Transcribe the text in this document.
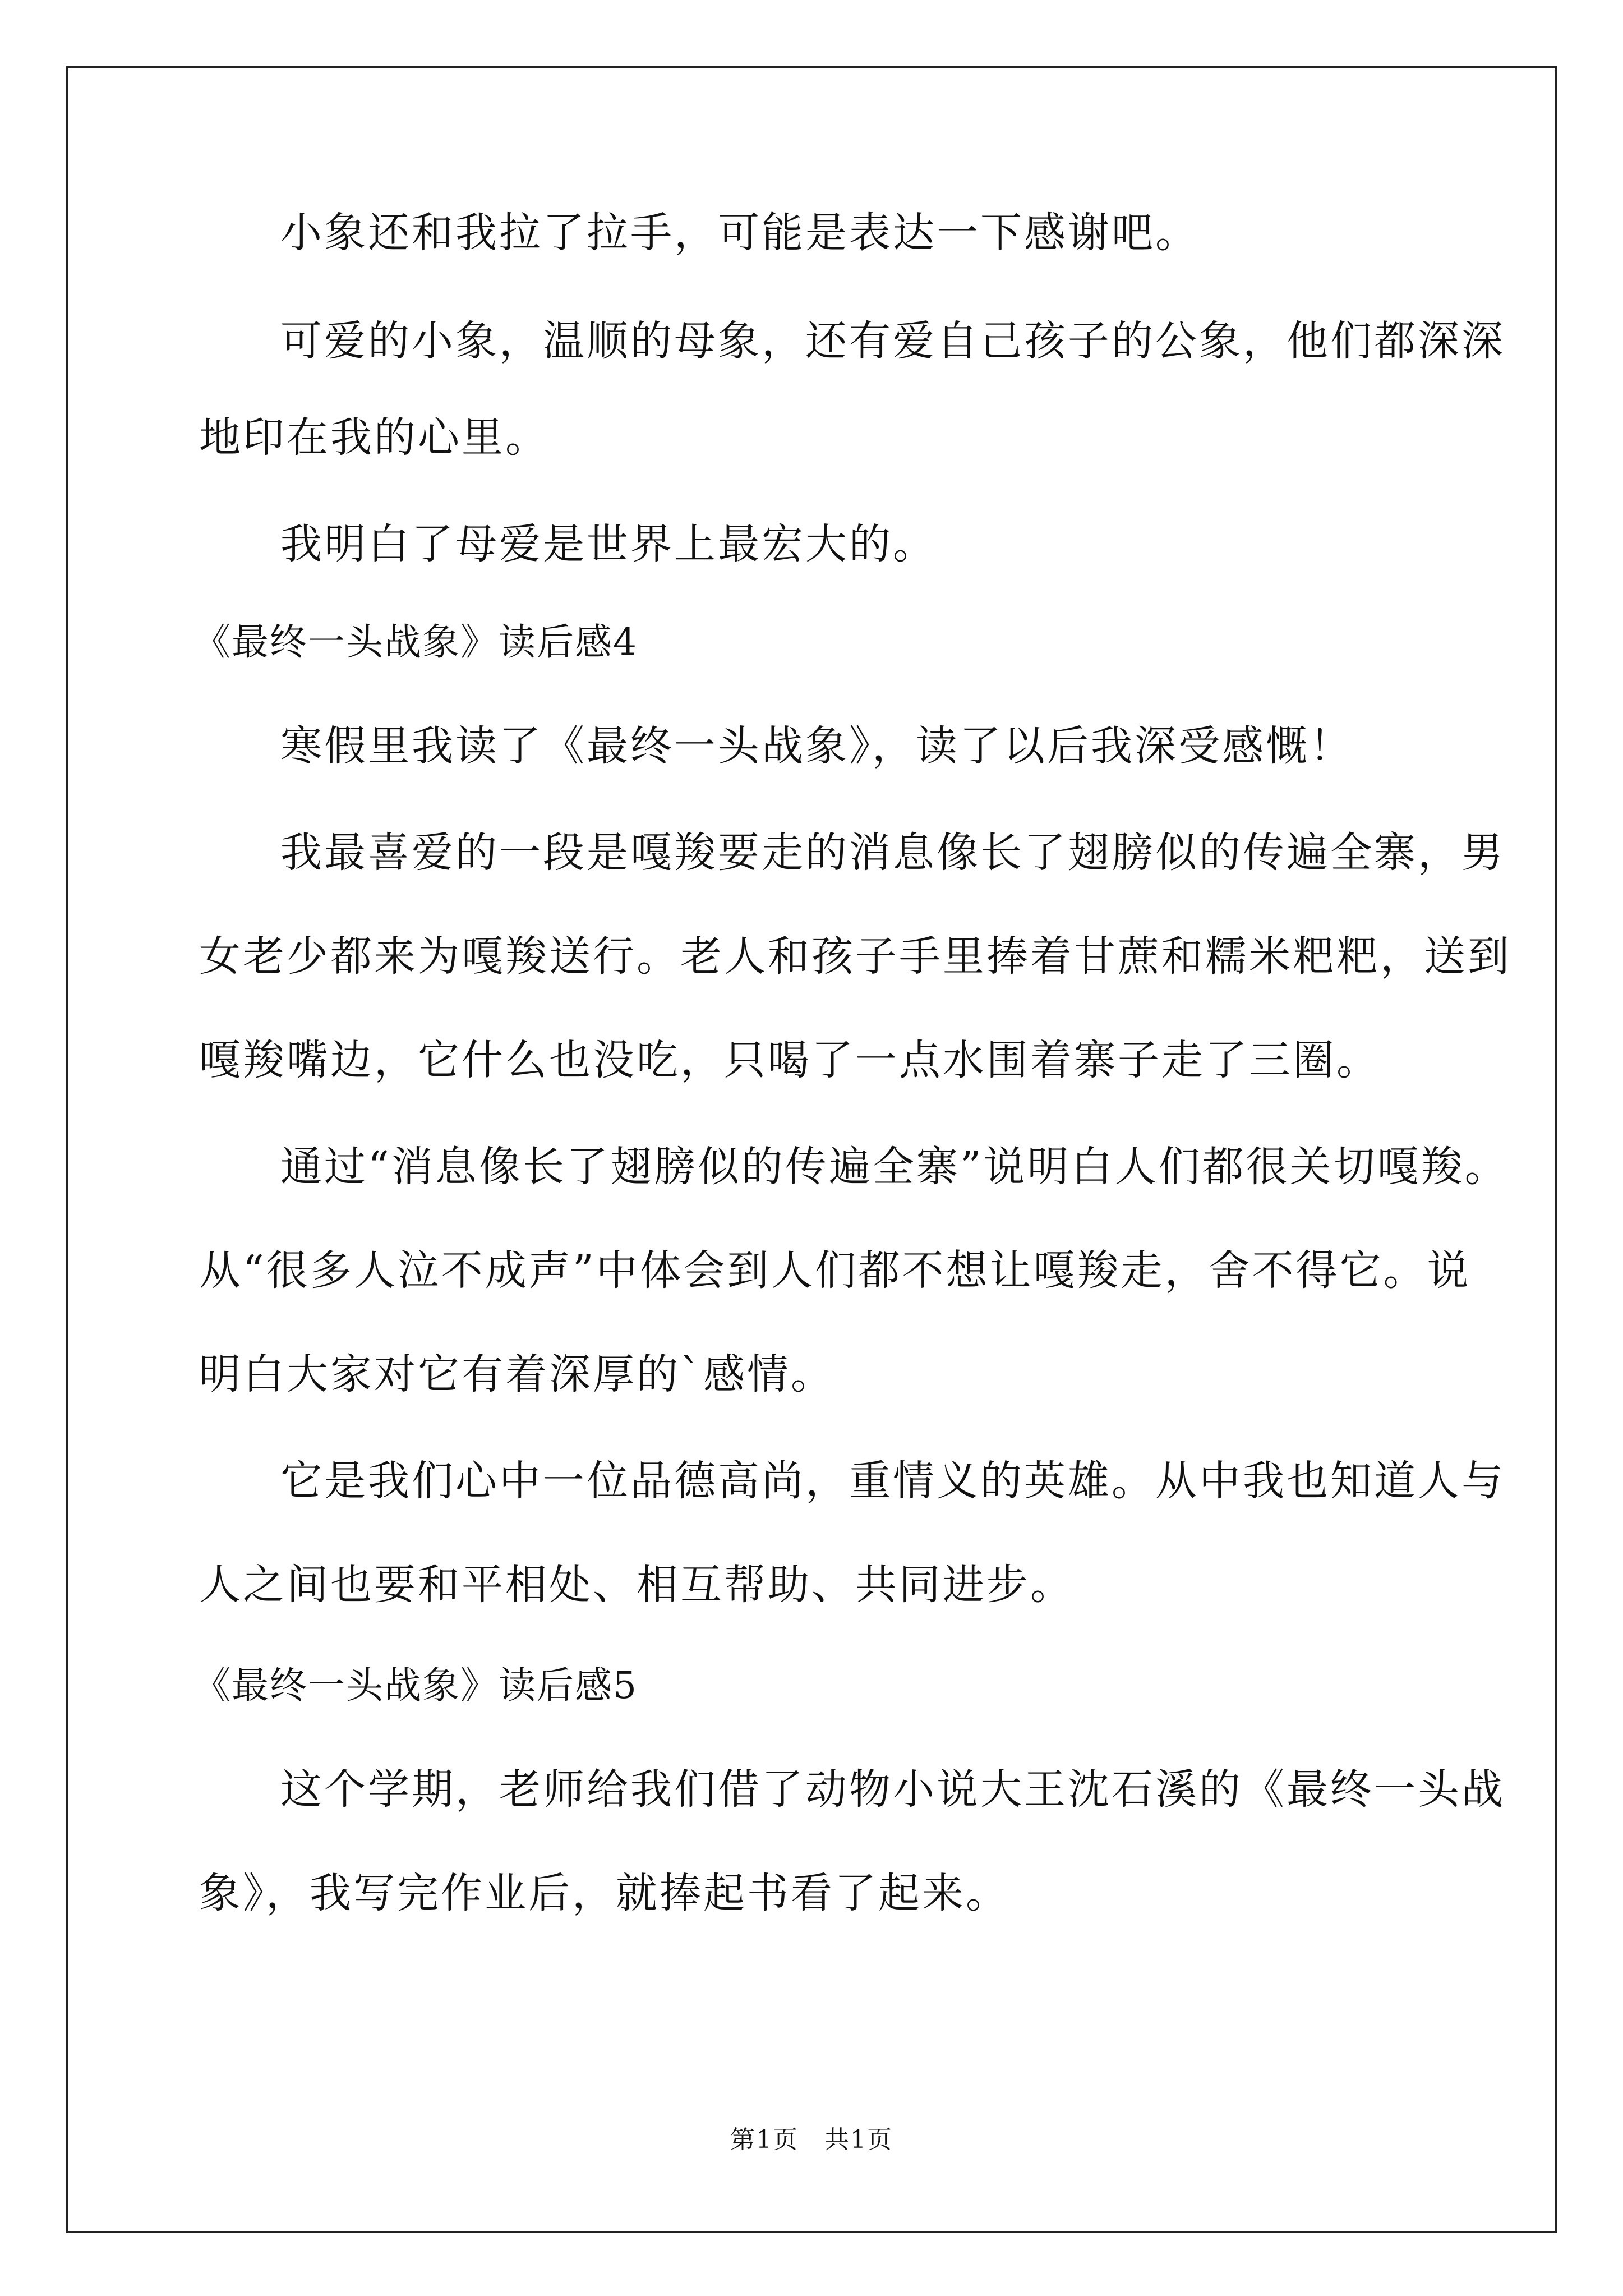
小象还和我拉了拉手，可能是表达一下感谢吧。
可爱的小象，温顺的母象，还有爱自己孩子的公象，他们都深深
地印在我的心里。
我明白了母爱是世界上最宏大的。
《最终一头战象》读后感4
寒假里我读了《最终一头战象》，读了以后我深受感慨！
我最喜爱的一段是嘎羧要走的消息像长了翅膀似的传遍全寨，男
女老少都来为嘎羧送行。老人和孩子手里捧着甘蔗和糯米粑粑，送到
嘎羧嘴边，它什么也没吃，只喝了一点水围着寨子走了三圈。
通过“消息像长了翅膀似的传遍全寨”说明白人们都很关切嘎羧。
从“很多人泣不成声”中体会到人们都不想让嘎羧走，舍不得它。说
明白大家对它有着深厚的`感情。
它是我们心中一位品德高尚，重情义的英雄。从中我也知道人与
人之间也要和平相处、相互帮助、共同进步。
《最终一头战象》读后感5
这个学期，老师给我们借了动物小说大王沈石溪的《最终一头战
象》，我写完作业后，就捧起书看了起来。
第1页　共1页
